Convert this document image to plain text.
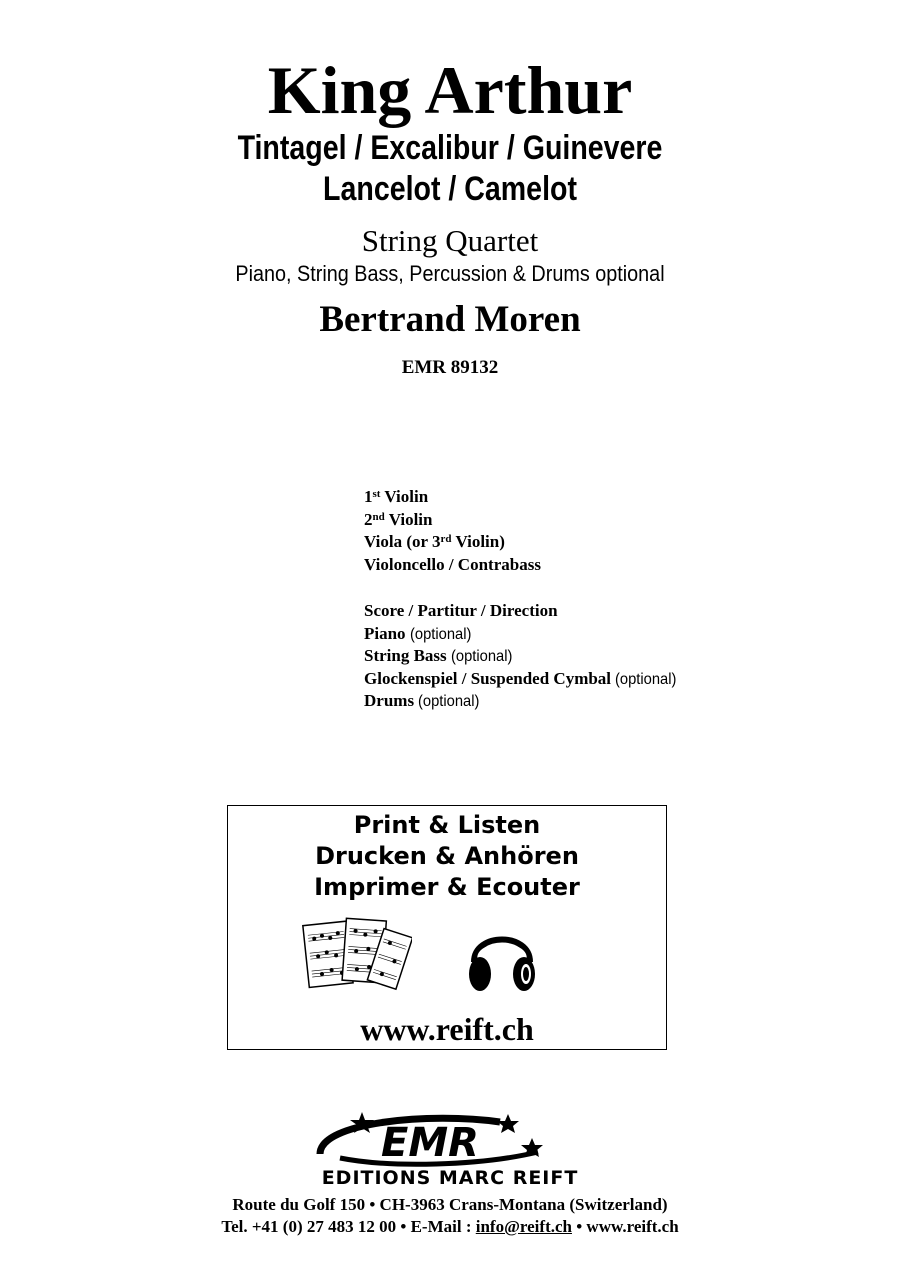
King Arthur
Tintagel / Excalibur / Guinevere
Lancelot / Camelot
String Quartet
Piano, String Bass, Percussion & Drums optional
Bertrand Moren
EMR 89132
1st Violin
2nd Violin
Viola (or 3rd Violin)
Violoncello / Contrabass
Score / Partitur / Direction
Piano (optional)
String Bass (optional)
Glockenspiel / Suspended Cymbal (optional)
Drums (optional)
Print & Listen
Drucken & Anhören
Imprimer & Ecouter
www.reift.ch
EMR
EDITIONS MARC REIFT
Route du Golf 150 • CH-3963 Crans-Montana (Switzerland)
Tel. +41 (0) 27 483 12 00 • E-Mail : info@reift.ch • www.reift.ch
